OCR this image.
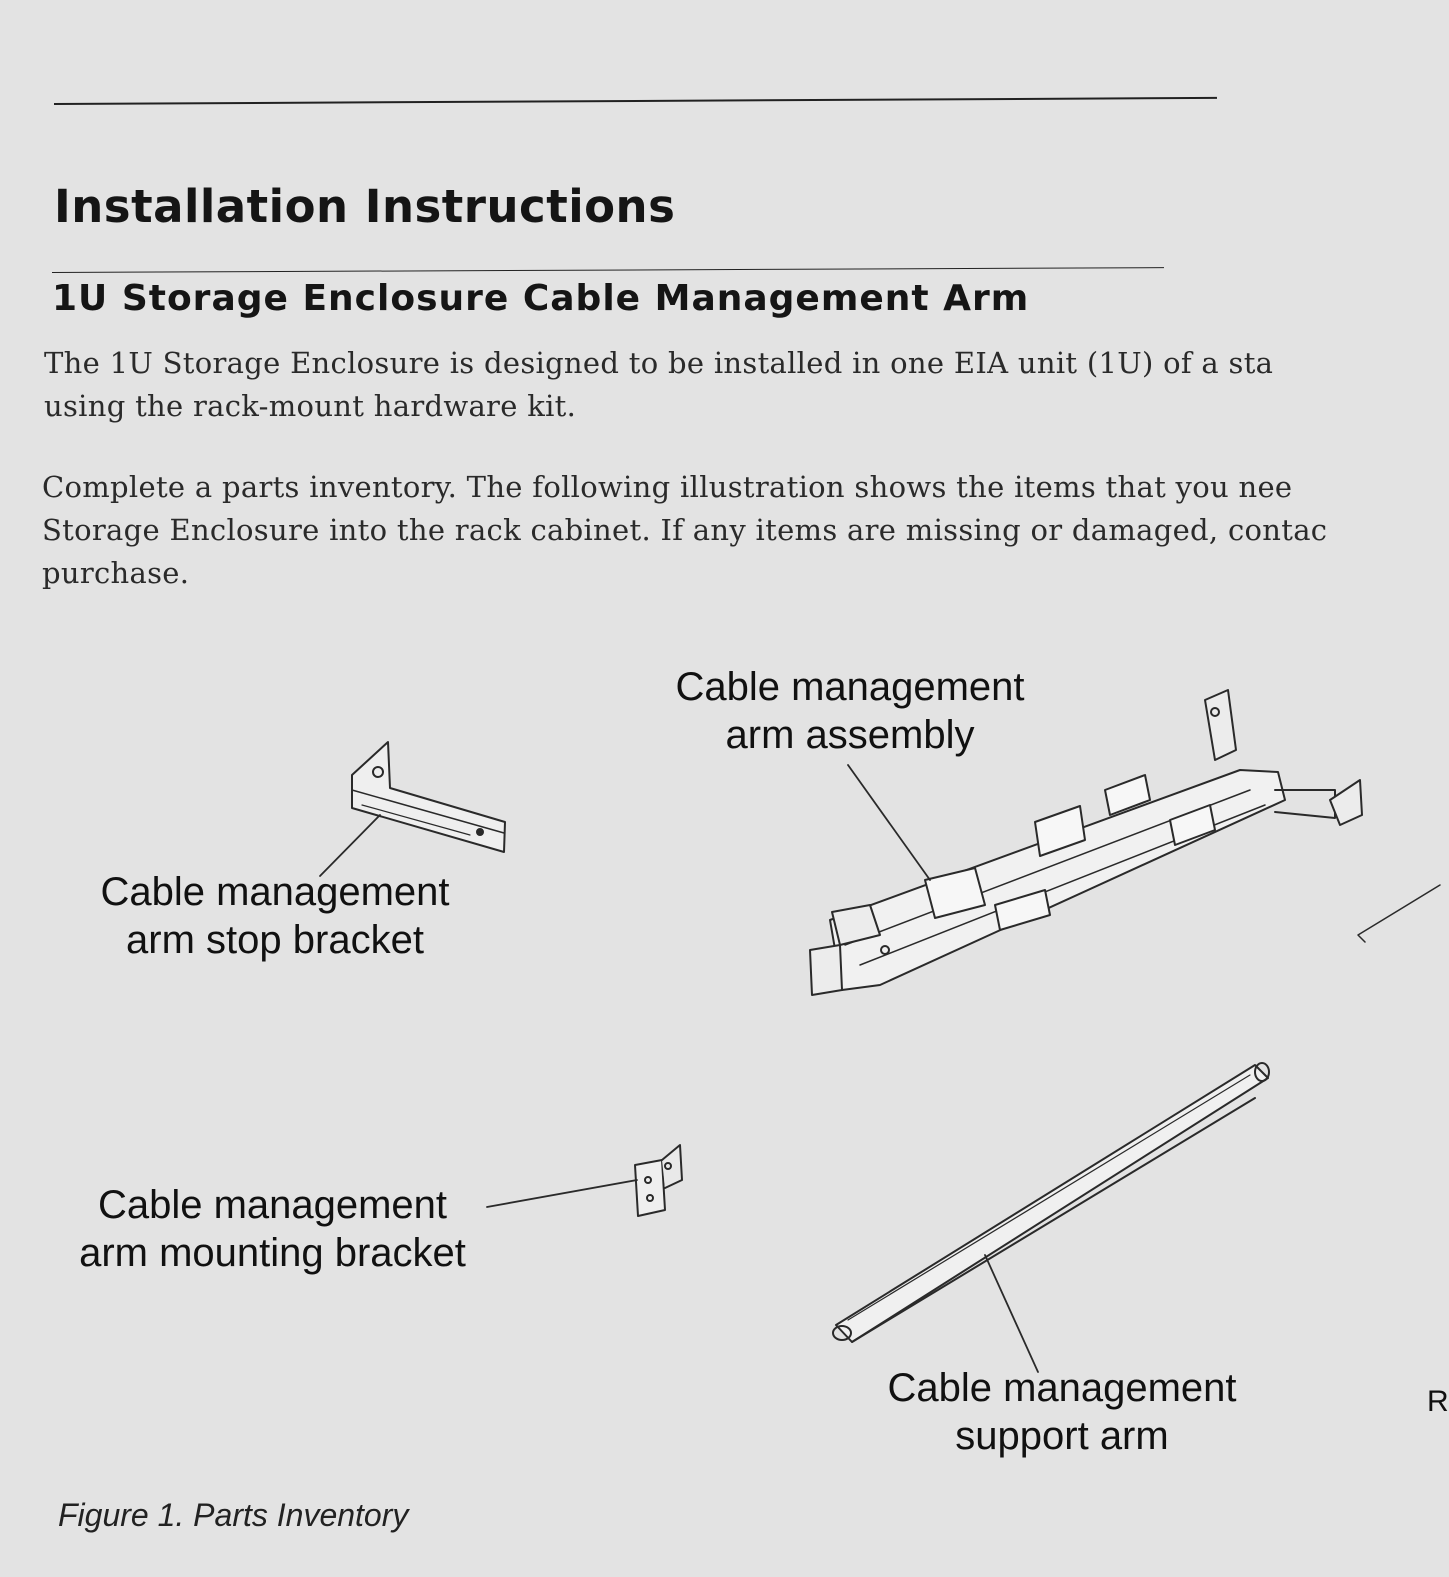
Installation Instructions
1U Storage Enclosure Cable Management Arm
The 1U Storage Enclosure is designed to be installed in one EIA unit (1U) of a sta
using the rack-mount hardware kit.
Complete a parts inventory. The following illustration shows the items that you nee
Storage Enclosure into the rack cabinet. If any items are missing or damaged, contac
purchase.
Cable management
arm assembly
Cable management
arm stop bracket
Cable management
arm mounting bracket
Cable management
support arm
R
Figure 1. Parts Inventory
